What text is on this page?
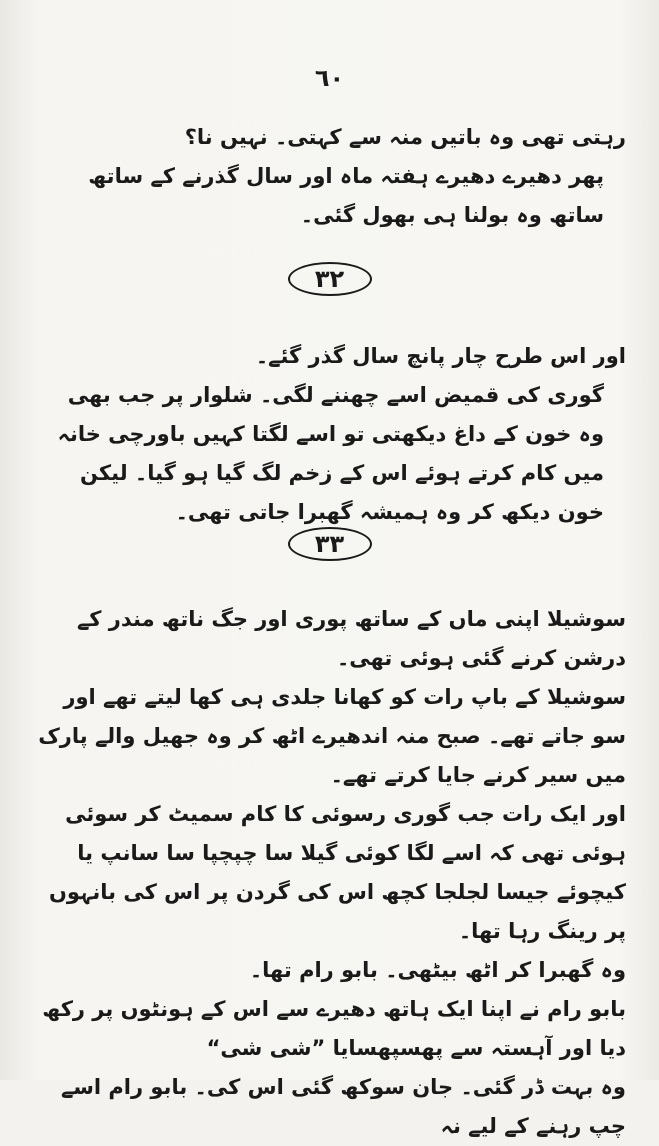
٦٠

رہتی تھی وہ باتیں منہ سے کہتی۔ نہیں نا؟

پھر دھیرے دھیرے ہفتہ ماہ اور سال گذرنے کے ساتھ ساتھ وہ بولنا ہی بھول گئی۔

۳۲

اور اس طرح چار پانچ سال گذر گئے۔

گوری کی قمیض اسے چھننے لگی۔ شلوار پر جب بھی وہ خون کے داغ دیکھتی تو اسے لگتا کہیں باورچی خانہ میں کام کرتے ہوئے اس کے زخم لگ گیا ہو گیا۔ لیکن خون دیکھ کر وہ ہمیشہ گھبرا جاتی تھی۔

۳۳

سوشیلا اپنی ماں کے ساتھ پوری اور جگ ناتھ مندر کے درشن کرنے گئی ہوئی تھی۔

سوشیلا کے باپ رات کو کھانا جلدی ہی کھا لیتے تھے اور سو جاتے تھے۔ صبح منہ اندھیرے اٹھ کر وہ جھیل والے پارک میں سیر کرنے جایا کرتے تھے۔

اور ایک رات جب گوری رسوئی کا کام سمیٹ کر سوئی ہوئی تھی کہ اسے لگا کوئی گیلا سا چپچپا سا سانپ یا کیچوئے جیسا لجلجا کچھ اس کی گردن پر اس کی بانہوں پر رینگ رہا تھا۔

وہ گھبرا کر اٹھ بیٹھی۔ بابو رام تھا۔

بابو رام نے اپنا ایک ہاتھ دھیرے سے اس کے ہونٹوں پر رکھ دیا اور آہستہ سے پھسپھسایا ”شی شی“

وہ بہت ڈر گئی۔ جان سوکھ گئی اس کی۔ بابو رام اسے چپ رہنے کے لیے نہ
